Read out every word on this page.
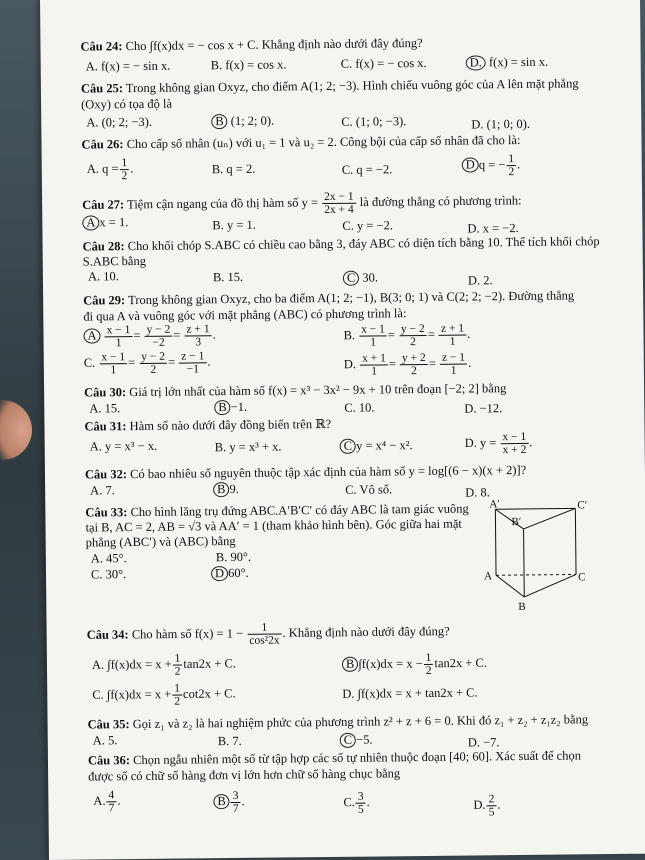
Câu 24: Cho ∫f(x)dx = − cos x + C. Khẳng định nào dưới đây đúng?
A. f(x) = − sin x.	B. f(x) = cos x.	C. f(x) = − cos x.	D. f(x) = sin x.
Câu 25: Trong không gian Oxyz, cho điểm A(1; 2; −3). Hình chiếu vuông góc của A lên mặt phẳng
(Oxy) có tọa độ là
A. (0; 2; −3).	B (1; 2; 0).	C. (1; 0; −3).	D. (1; 0; 0).
Câu 26: Cho cấp số nhân (uₙ) với u₁ = 1 và u₂ = 2. Công bội của cấp số nhân đã cho là:
A. $q = \frac{1}{2}$ .	B. q = 2.	C. q = −2.	D q = − $\frac{1}{2}$ .
Câu 27: Tiệm cận ngang của đồ thị hàm số $y = \frac{2x - 1}{2x + 4}$ là đường thẳng có phương trình:
A x = 1.	B. y = 1.	C. y = −2.	D. x = −2.
Câu 28: Cho khối chóp S.ABC có chiều cao bằng 3, đáy ABC có diện tích bằng 10. Thể tích khối chóp
S.ABC bằng
A. 10.	B. 15.	C 30.	D. 2.
Câu 29: Trong không gian Oxyz, cho ba điểm A(1; 2; −1), B(3; 0; 1) và C(2; 2; −2). Đường thẳng
đi qua A và vuông góc với mặt phẳng (ABC) có phương trình là:
A $\frac{x - 1}{1} = \frac{y - 2}{-2} = \frac{z + 1}{3}$ .	B. $\frac{x - 1}{1} = \frac{y - 2}{2} = \frac{z + 1}{1}$ .
C. $\frac{x - 1}{1} = \frac{y - 2}{2} = \frac{z - 1}{-1}$ .	D. $\frac{x + 1}{1} = \frac{y + 2}{2} = \frac{z - 1}{1}$ .
Câu 30: Giá trị lớn nhất của hàm số f(x) = x³ − 3x² − 9x + 10 trên đoạn [−2; 2] bằng
A. 15.	B −1.	C. 10.	D. −12.
Câu 31: Hàm số nào dưới đây đồng biến trên ℝ?
A. y = x³ − x.	B. y = x³ + x.	C y = x⁴ − x².	D. $y = \frac{x - 1}{x + 2}$ .
Câu 32: Có bao nhiêu số nguyên thuộc tập xác định của hàm số y = log[(6 − x)(x + 2)]?
A. 7.	B 9.	C. Vô số.	D. 8.
Câu 33: Cho hình lăng trụ đứng ABC.A′B′C′ có đáy ABC là tam giác vuông
tại B, AC = 2, AB = √3 và AA′ = 1 (tham khảo hình bên). Góc giữa hai mặt
phẳng (ABC′) và (ABC) bằng
A. 45°.	B. 90°.
C. 30°.	D 60°.
A′	C′
B′
A	C
B
Câu 34: Cho hàm số $f(x) = 1 - \frac{1}{\text{cos²2x}}$ . Khẳng định nào dưới đây đúng?
A. $\int f(x)dx = x + \frac{1}{2} \tan 2x + C$.	B $\int f(x)dx = x - \frac{1}{2} \tan 2x + C$.
C. $\int f(x)dx = x + \frac{1}{2} \cot 2x + C$.	D. ∫f(x)dx = x + tan2x + C.
Câu 35: Gọi z₁ và z₂ là hai nghiệm phức của phương trình z² + z + 6 = 0. Khi đó z₁ + z₂ + z₁z₂ bằng
A. 5.	B. 7.	C −5.	D. −7.
Câu 36: Chọn ngẫu nhiên một số từ tập hợp các số tự nhiên thuộc đoạn [40; 60]. Xác suất để chọn
được số có chữ số hàng đơn vị lớn hơn chữ số hàng chục bằng
A. $\frac{4}{7}$ .	B $\frac{3}{7}$ .	C. $\frac{3}{5}$ .	D. $\frac{2}{5}$ .
